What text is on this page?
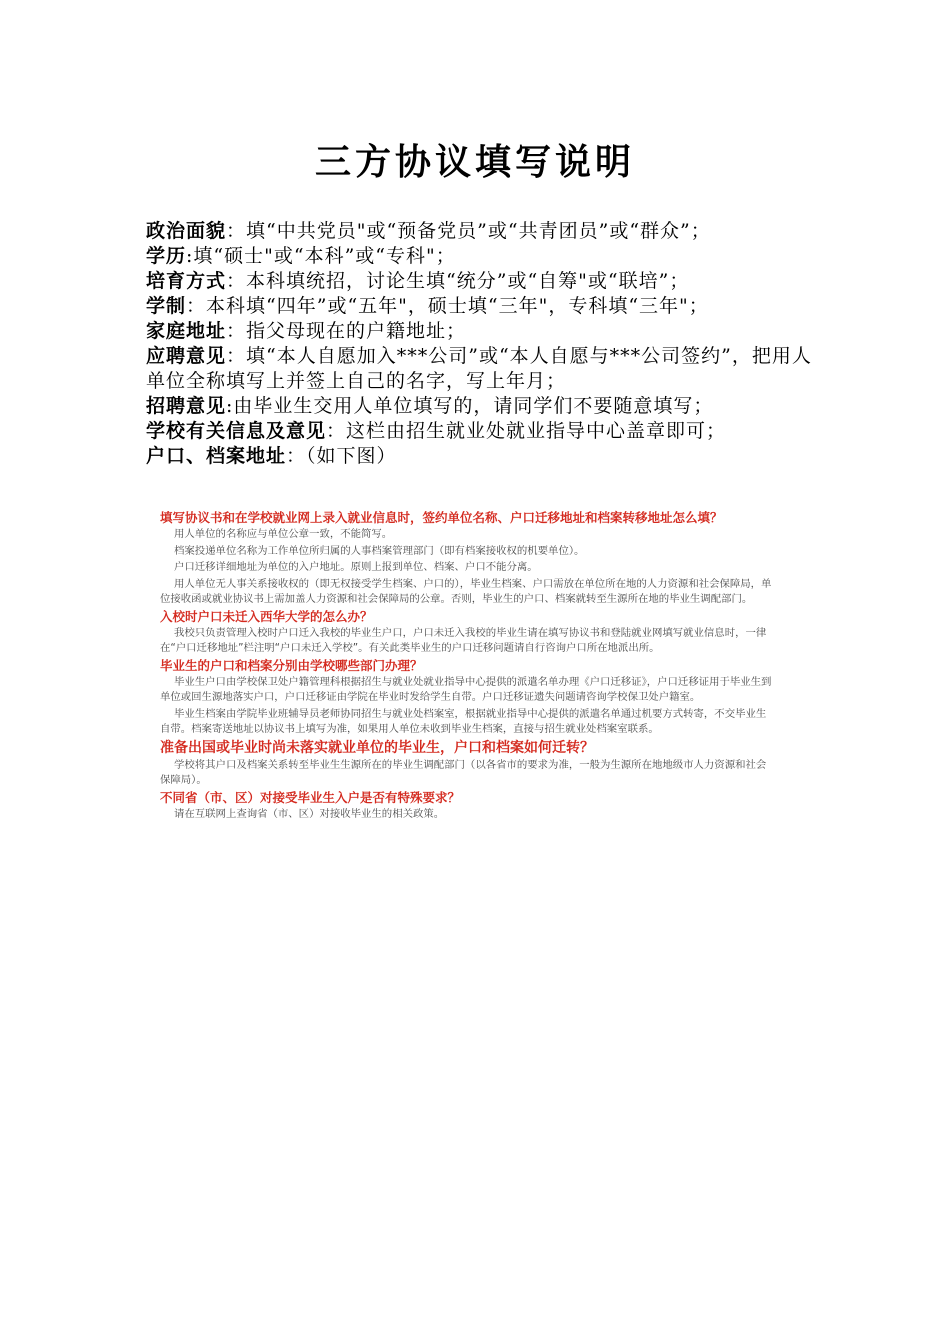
三方协议填写说明
政治面貌：填“中共党员"或“预备党员”或“共青团员”或“群众”；
学历:填“硕士"或“本科”或“专科"；
培育方式：本科填统招，讨论生填“统分”或“自筹"或“联培”；
学制：本科填“四年”或“五年"，硕士填“三年"，专科填“三年"；
家庭地址：指父母现在的户籍地址；
应聘意见：填“本人自愿加入***公司”或“本人自愿与***公司签约”，把用人单位全称填写上并签上自己的名字，写上年月；
招聘意见:由毕业生交用人单位填写的，请同学们不要随意填写；
学校有关信息及意见：这栏由招生就业处就业指导中心盖章即可；
户口、档案地址：（如下图）

填写协议书和在学校就业网上录入就业信息时，签约单位名称、户口迁移地址和档案转移地址怎么填？

用人单位的名称应与单位公章一致，不能简写。

档案投递单位名称为工作单位所归属的人事档案管理部门（即有档案接收权的机要单位）。

户口迁移详细地址为单位的入户地址。原则上报到单位、档案、户口不能分离。

用人单位无人事关系接收权的（即无权接受学生档案、户口的），毕业生档案、户口需放在单位所在地的人力资源和社会保障局，单位接收函或就业协议书上需加盖人力资源和社会保障局的公章。否则，毕业生的户口、档案就转至生源所在地的毕业生调配部门。

入校时户口未迁入西华大学的怎么办？

我校只负责管理入校时户口迁入我校的毕业生户口，户口未迁入我校的毕业生请在填写协议书和登陆就业网填写就业信息时，一律在“户口迁移地址”栏注明“户口未迁入学校”。有关此类毕业生的户口迁移问题请自行咨询户口所在地派出所。

毕业生的户口和档案分别由学校哪些部门办理？

毕业生户口由学校保卫处户籍管理科根据招生与就业处就业指导中心提供的派遣名单办理《户口迁移证》，户口迁移证用于毕业生到单位或回生源地落实户口，户口迁移证由学院在毕业时发给学生自带。户口迁移证遗失问题请咨询学校保卫处户籍室。

毕业生档案由学院毕业班辅导员老师协同招生与就业处档案室，根据就业指导中心提供的派遣名单通过机要方式转寄，不交毕业生自带。档案寄送地址以协议书上填写为准，如果用人单位未收到毕业生档案，直接与招生就业处档案室联系。

准备出国或毕业时尚未落实就业单位的毕业生，户口和档案如何迁转？

学校将其户口及档案关系转至毕业生生源所在的毕业生调配部门（以各省市的要求为准，一般为生源所在地地级市人力资源和社会保障局）。

不同省（市、区）对接受毕业生入户是否有特殊要求？

请在互联网上查询省（市、区）对接收毕业生的相关政策。
